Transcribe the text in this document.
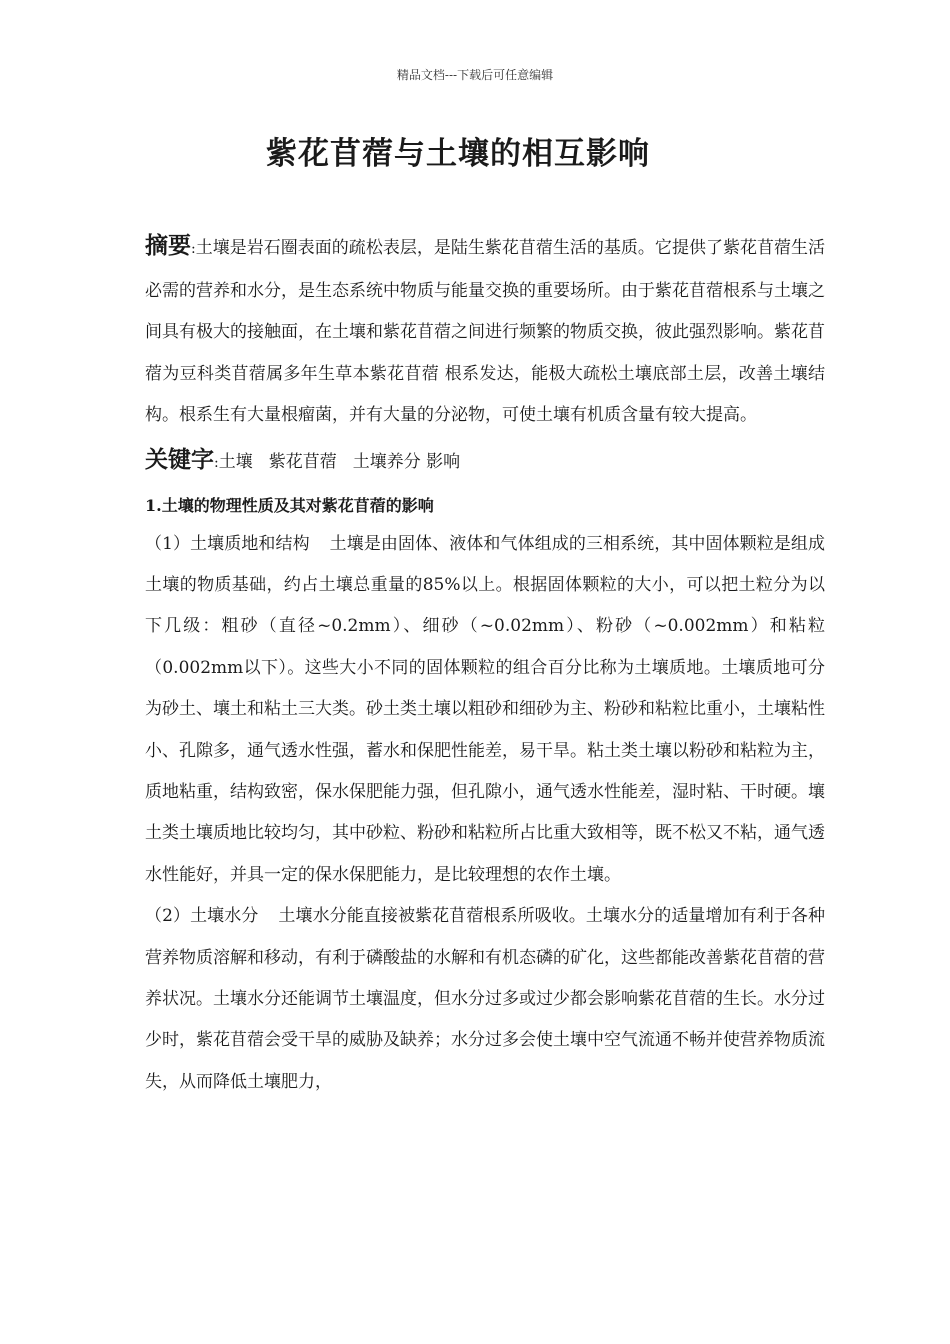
精品文档---下载后可任意编辑
紫花苜蓿与土壤的相互影响

摘要:土壤是岩石圈表面的疏松表层，是陆生紫花苜蓿生活的基质。它提供了紫花苜蓿生活必需的营养和水分，是生态系统中物质与能量交换的重要场所。由于紫花苜蓿根系与土壤之间具有极大的接触面，在土壤和紫花苜蓿之间进行频繁的物质交换，彼此强烈影响。紫花苜蓿为豆科类苜蓿属多年生草本紫花苜蓿 根系发达，能极大疏松土壤底部土层，改善土壤结构。根系生有大量根瘤菌，并有大量的分泌物，可使土壤有机质含量有较大提高。

关键字:土壤 紫花苜蓿 土壤养分 影响
1.土壤的物理性质及其对紫花苜蓿的影响

（1）土壤质地和结构 土壤是由固体、液体和气体组成的三相系统，其中固体颗粒是组成土壤的物质基础，约占土壤总重量的85%以上。根据固体颗粒的大小，可以把土粒分为以下几级：粗砂（直径~0.2mm）、细砂（~0.02mm）、粉砂（~0.002mm）和粘粒（0.002mm以下）。这些大小不同的固体颗粒的组合百分比称为土壤质地。土壤质地可分为砂土、壤土和粘土三大类。砂土类土壤以粗砂和细砂为主、粉砂和粘粒比重小，土壤粘性小、孔隙多，通气透水性强，蓄水和保肥性能差，易干旱。粘土类土壤以粉砂和粘粒为主，质地粘重，结构致密，保水保肥能力强，但孔隙小，通气透水性能差，湿时粘、干时硬。壤土类土壤质地比较均匀，其中砂粒、粉砂和粘粒所占比重大致相等，既不松又不粘，通气透水性能好，并具一定的保水保肥能力，是比较理想的农作土壤。

（2）土壤水分 土壤水分能直接被紫花苜蓿根系所吸收。土壤水分的适量增加有利于各种营养物质溶解和移动，有利于磷酸盐的水解和有机态磷的矿化，这些都能改善紫花苜蓿的营养状况。土壤水分还能调节土壤温度，但水分过多或过少都会影响紫花苜蓿的生长。水分过少时，紫花苜蓿会受干旱的威胁及缺养；水分过多会使土壤中空气流通不畅并使营养物质流失，从而降低土壤肥力，
